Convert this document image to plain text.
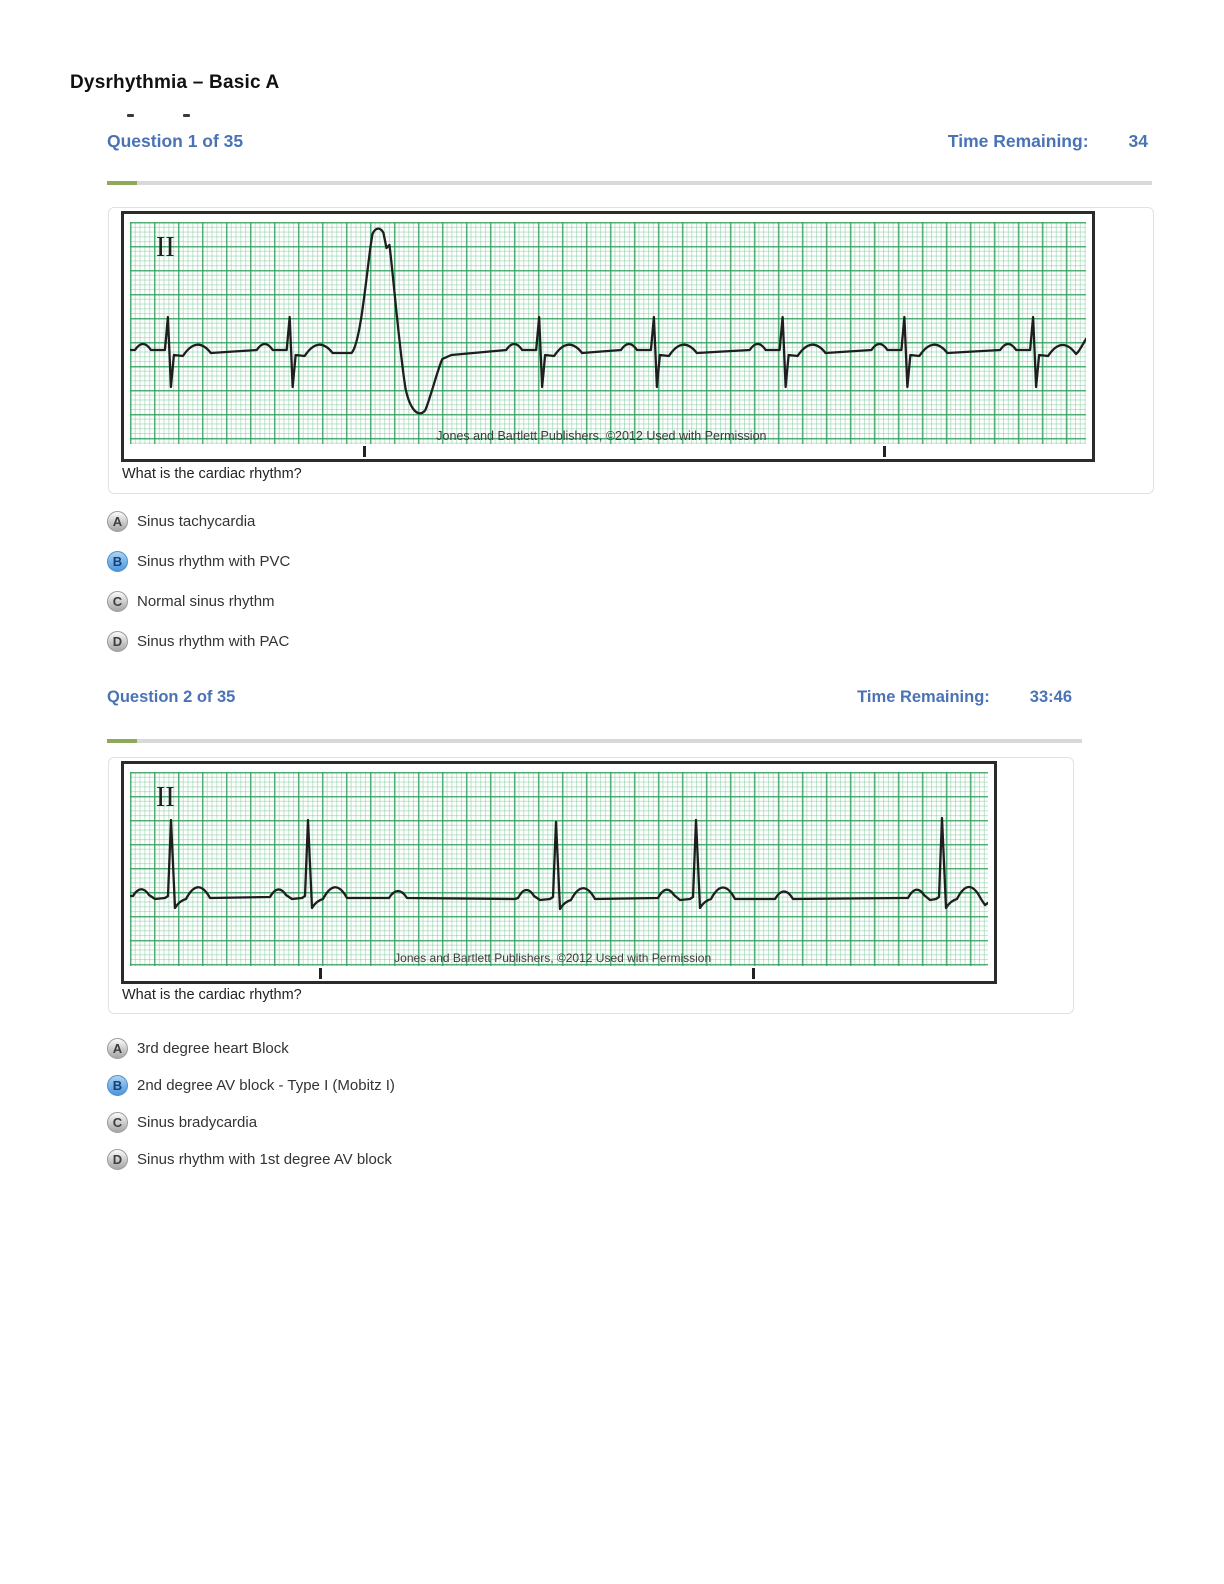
Dysrhythmia – Basic A
Question 1 of 35	Time Remaining: 34
II
Jones and Bartlett Publishers, ©2012 Used with Permission
What is the cardiac rhythm?
A Sinus tachycardia
B Sinus rhythm with PVC
C Normal sinus rhythm
D Sinus rhythm with PAC
Question 2 of 35	Time Remaining: 33:46
II
Jones and Bartlett Publishers, ©2012 Used with Permission
What is the cardiac rhythm?
A 3rd degree heart Block
B 2nd degree AV block - Type I (Mobitz I)
C Sinus bradycardia
D Sinus rhythm with 1st degree AV block
